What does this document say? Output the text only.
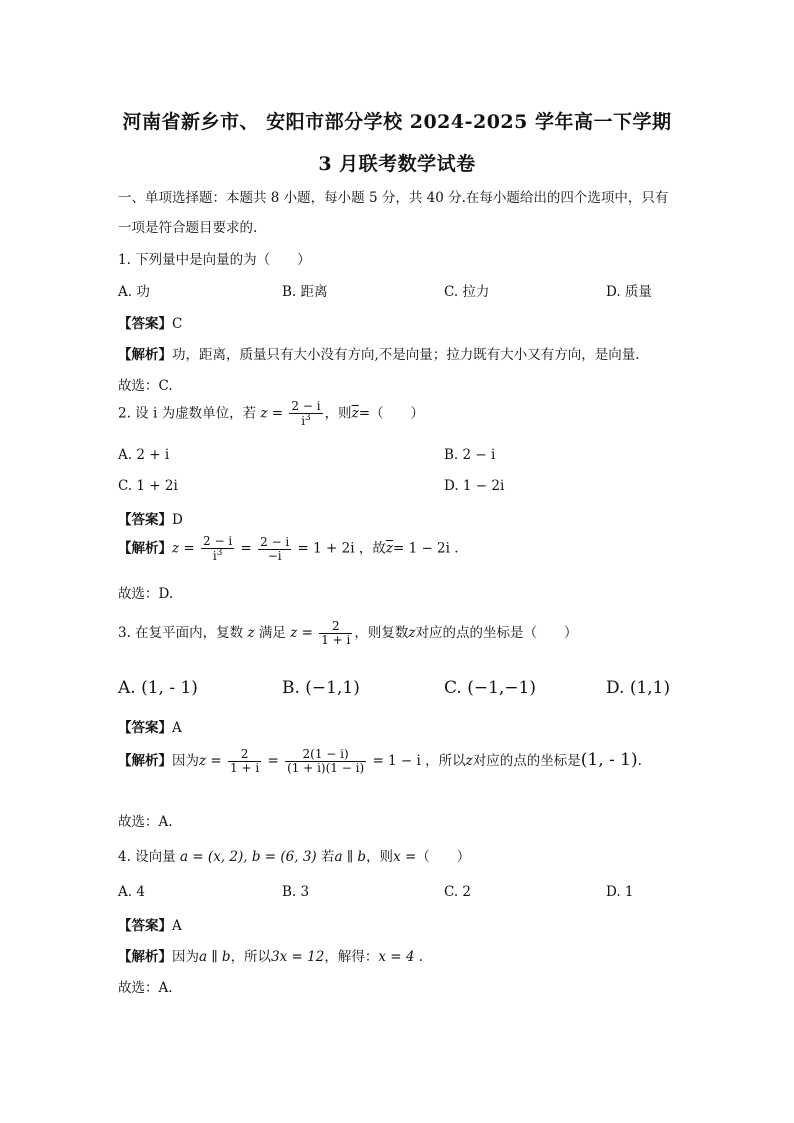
河南省新乡市、 安阳市部分学校 2024-2025 学年高一下学期
3 月联考数学试卷
一、单项选择题：本题共 8 小题，每小题 5 分，共 40 分.在每小题给出的四个选项中，只有
一项是符合题目要求的.
1. 下列量中是向量的为（　　）
A. 功	B. 距离	C. 拉力	D. 质量
【答案】C
【解析】功，距离，质量只有大小没有方向,不是向量；拉力既有大小又有方向，是向量.
故选：C.
2. 设 i 为虚数单位，若 $z = \frac{2 - i}{i^3}$ ，则$\overline{z}=$（　　）
A. 2 + i	B. 2 − i
C. 1 + 2i	D. 1 − 2i
【答案】D
【解析】$z = \frac{2 - i}{i^3} = \frac{2 - i}{-i} = 1 + 2i$ ，故$\overline{z}= 1 - 2i$ .
故选：D.
3. 在复平面内，复数 z 满足 $z = \frac{2}{1 + i}$ ，则复数z对应的点的坐标是（　　）
A. (1, - 1)	B. (−1,1)	C. (−1,−1)	D. (1,1)
【答案】A
【解析】因为$z = \frac{2}{1 + i} = \frac{2(1 - i)}{(1 + i)(1 - i)} = 1 - i$ ，所以z对应的点的坐标是(1, - 1).
故选：A.
4. 设向量 a = (x, 2), b = (6, 3) 若a ∥ b，则x =（　　）
A. 4	B. 3	C. 2	D. 1
【答案】A
【解析】因为a ∥ b，所以3x = 12，解得：x = 4 .
故选：A.
